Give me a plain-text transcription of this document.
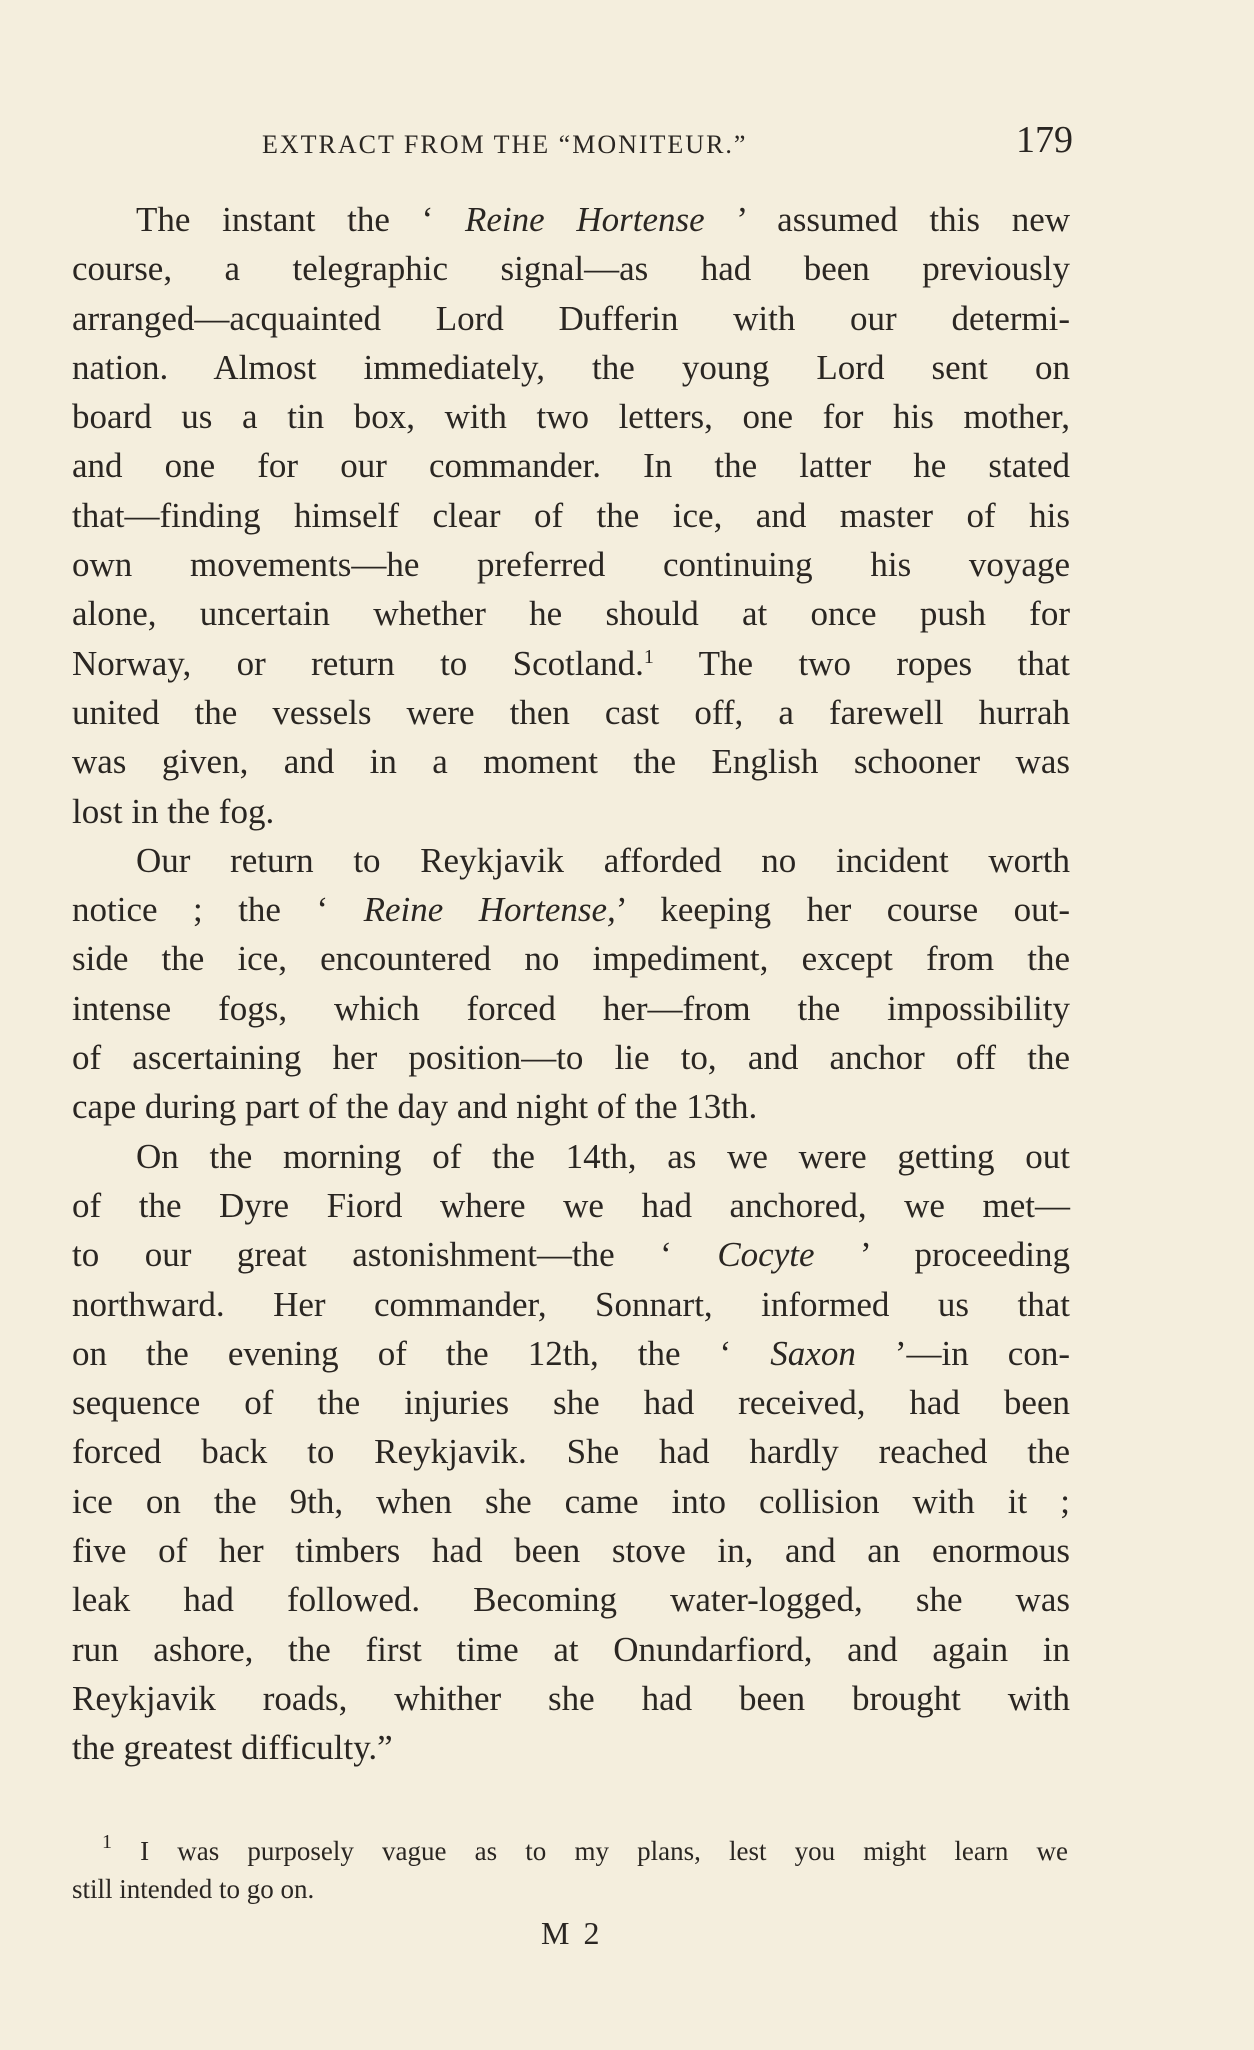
EXTRACT FROM THE “MONITEUR.”	179
The instant the ‘ Reine Hortense ’ assumed this new
course, a telegraphic signal—as had been previously
arranged—acquainted Lord Dufferin with our determi-
nation. Almost immediately, the young Lord sent on
board us a tin box, with two letters, one for his mother,
and one for our commander. In the latter he stated
that—finding himself clear of the ice, and master of his
own movements—he preferred continuing his voyage
alone, uncertain whether he should at once push for
Norway, or return to Scotland.$^1$ The two ropes that
united the vessels were then cast off, a farewell hurrah
was given, and in a moment the English schooner was
lost in the fog.
Our return to Reykjavik afforded no incident worth
notice ; the ‘ Reine Hortense,’ keeping her course out-
side the ice, encountered no impediment, except from the
intense fogs, which forced her—from the impossibility
of ascertaining her position—to lie to, and anchor off the
cape during part of the day and night of the 13th.
On the morning of the 14th, as we were getting out
of the Dyre Fiord where we had anchored, we met—
to our great astonishment—the ‘ Cocyte ’ proceeding
northward. Her commander, Sonnart, informed us that
on the evening of the 12th, the ‘ Saxon ’—in con-
sequence of the injuries she had received, had been
forced back to Reykjavik. She had hardly reached the
ice on the 9th, when she came into collision with it ;
five of her timbers had been stove in, and an enormous
leak had followed. Becoming water-logged, she was
run ashore, the first time at Onundarfiord, and again in
Reykjavik roads, whither she had been brought with
the greatest difficulty.”
$^1$ I was purposely vague as to my plans, lest you might learn we
still intended to go on.
M 2
